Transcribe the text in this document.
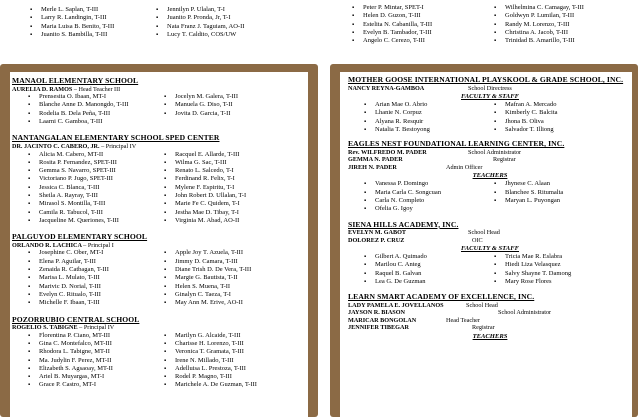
▪ Merle L. Saplan, T-III
▪ Larry R. Landingin, T-III
▪ Maria Luisa B. Benito, T-III
▪ Juanito S. Bambilla, T-III
▪ Jennilyn P. Ulalan, T-I
▪ Juanito P. Pronda, Jr, T-I
▪ Nata Franz J. Taguiam, AO-II
▪ Lucy T. Caldito, COS/UW
▪ Peter P. Mintar, SPET-I
▪ Helen D. Guzon, T-III
▪ Estelita N. Cabanilla, T-III
▪ Evelyn B. Tambador, T-III
▪ Angelo C. Cerezo, T-III
▪ Wilhelmina C. Camagay, T-III
▪ Goldwyn P. Lumilan, T-III
▪ Randy M. Lorenzo, T-III
▪ Christina A. Jacob, T-III
▪ Trinidad B. Amarillo, T-III
MANAOL ELEMENTARY SCHOOL
AURELIA D. RAMOS – Head Teacher III
▪ Prensesita O. Ibaan, MT-I
▪ Blanche Anne D. Manongdo, T-III
▪ Rodelia B. Dela Peña, T-III
▪ Laarni C. Gamboa, T-III
▪ Jocelyn M. Galera, T-III
▪ Manuela G. Diso, T-II
▪ Jovita D. Garcia, T-II
NANTANGALAN ELEMENTARY SCHOOL SPED CENTER
DR. JACINTO C. CABERO, JR. – Principal IV
▪ Alicia M. Cabero, MT-II
▪ Rosita P. Fernandez, SPET-III
▪ Gemma S. Navarro, SPET-III
▪ Victoriano P. Jugo, SPET-III
▪ Jessica C. Blanca, T-III
▪ Sheila A. Rayray, T-III
▪ Mirasol S. Montilla, T-III
▪ Camila R. Tabucol, T-III
▪ Jacqueline M. Queriones, T-III
▪ Racquel E. Allarde, T-III
▪ Wilma G. Sac, T-III
▪ Renato L. Salcedo, T-I
▪ Ferdinand R. Felix, T-I
▪ Mylene F. Espiritu, T-I
▪ John Robert D. Ullalan, T-I
▪ Marie Fe C. Quidem, T-I
▪ Jestha Mae D. Tibay, T-I
▪ Virginia M. Abad, AO-II
PALGUYOD ELEMENTARY SCHOOL
ORLANDO R. LACHICA – Principal I
▪ Josephine C. Ober, MT-I
▪ Elena P. Aguilar, T-III
▪ Zenaida R. Catbagan, T-III
▪ Marisa L. Mulato, T-III
▪ Marivic D. Norial, T-III
▪ Evelyn C. Ritualo, T-III
▪ Michelle F. Ibaan, T-III
▪ Apple Joy T. Azuela, T-III
▪ Jimmy D. Camara, T-III
▪ Diane Trish D. De Vera, T-III
▪ Margie G. Bautista, T-II
▪ Helen S. Muena, T-II
▪ Ginalyn C. Taeza, T-I
▪ May Ann M. Erive, AO-II
POZORRUBIO CENTRAL SCHOOL
ROGELIO S. TABIGNE – Principal IV
▪ Florentina P. Ciano, MT-III
▪ Gina C. Montefalco, MT-III
▪ Rhodora L. Tabigne, MT-II
▪ Ma. Judylin F. Perez, MT-II
▪ Elizabeth S. Agsaoay, MT-II
▪ Ariel B. Muyargas, MT-I
▪ Grace P. Castro, MT-I
▪ Marilyn G. Alcaide, T-III
▪ Charisse H. Lorenzo, T-III
▪ Veronica T. Gramata, T-III
▪ Irene N. Millado, T-III
▪ Adelluisa L. Prestoza, T-III
▪ Rodel P. Magno, T-III
▪ Marichele A. De Guzman, T-III
MOTHER GOOSE INTERNATIONAL PLAYSKOOL & GRADE SCHOOL, INC.
NANCY REYNA-GAMBOA	School Directress
FACULTY & STAFF
▪ Arian Mae O. Abrio
▪ Lhanie N. Corpuz
▪ Alyana R. Resquir
▪ Natalia T. Bestoyong
▪ Mafran A. Mercado
▪ Kimberly C. Balcita
▪ Jhona B. Oliva
▪ Salvador T. Illiong
EAGLES NEST FOUNDATIONAL LEARNING CENTER, INC.
Rev. WILFREDO M. PADER	School Administrator
GEMMA N. PADER	Registrar
JIREH N. PADER	Admin Officer
TEACHERS
▪ Vanessa P. Domingo
▪ Maria Carla C. Songcuan
▪ Carla N. Completo
▪ Ofelia G. Igoy
▪ Jhynese C. Alaan
▪ Blanchee S. Ritumalta
▪ Maryan L. Puyongan
SIENA HILLS ACADEMY, INC.
EVELYN M. GABOT	School Head
DOLOREZ P. CRUZ	OIC
FACULTY & STAFF
▪ Gilbert A. Quimado
▪ Marilou C. Anteg
▪ Raquel B. Galvan
▪ Lea G. De Guzman
▪ Tricia Mae R. Eslabra
▪ Hiedi Liza Velasquez
▪ Salvy Shayne T. Damong
▪ Mary Rose Flores
LEARN SMART ACADEMY OF EXCELLENCE, INC.
LADY PAMELA E. JOVELLANOS	School Head
JAYSON R. BIASON	School Administrator
MARICAR BONGOLAN	Head Teacher
JENNIFER TIBEGAR	Registrar
TEACHERS
